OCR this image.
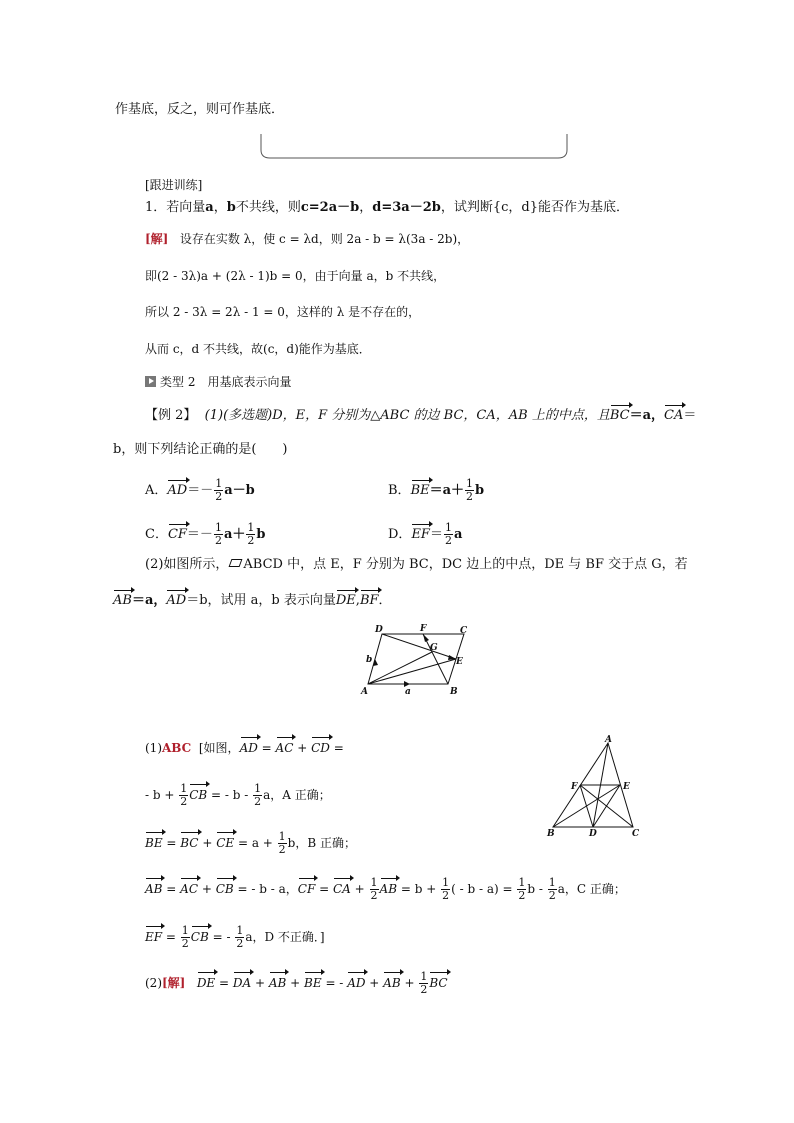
作基底，反之，则可作基底．
[跟进训练]
1．若向量a，b不共线，则c=2a－b，d=3a－2b，试判断{c，d}能否作为基底．
[解] 设存在实数 λ，使 c = λd，则 2a - b = λ(3a - 2b)，
即(2 - 3λ)a + (2λ - 1)b = 0，由于向量 a，b 不共线，
所以 2 - 3λ = 2λ - 1 = 0，这样的 λ 是不存在的，
从而 c，d 不共线，故(c，d)能作为基底．
类型 2　用基底表示向量
【例 2】 (1)(多选题)D，E，F 分别为△ABC 的边 BC，CA，AB 上的中点，且BC＝a，CA＝
b，则下列结论正确的是(　　)
A．$AD=- \frac{1}{2} a-b$	B．$BE=a+ \frac{1}{2}$ b
C．$CF=- \frac{1}{2} a+ \frac{1}{2}$ b	D．$EF= \frac{1}{2}$ a
(2)如图所示， ABCD 中，点 E，F 分别为 BC，DC 边上的中点，DE 与 BF 交于点 G，若
AB＝a，AD＝b，试用 a，b 表示向量DE,BF．
A	B
C
D
E
F
G
a
b
A
B	C
D
E
F
(1)ABC [如图，AD = AC + CD =
- $b + \frac{1}{2}$ CB = - b - $\frac{1}{2}$ a，A 正确；
BE = BC + CE = $a + \frac{1}{2}$ b，B 正确；
AB = AC + CB = - b - a，CF = CA + $\frac{1}{2}$ AB = $b + \frac{1}{2}$ ( - $b - a) = \frac{1}{2}$ b - $\frac{1}{2}$ a，C 正确；
EF = $\frac{1}{2}$ CB = - $\frac{1}{2}$ a，D 不正确．]
(2)[解] DE = DA + AB + BE = - AD + AB + $\frac{1}{2}$ BC
